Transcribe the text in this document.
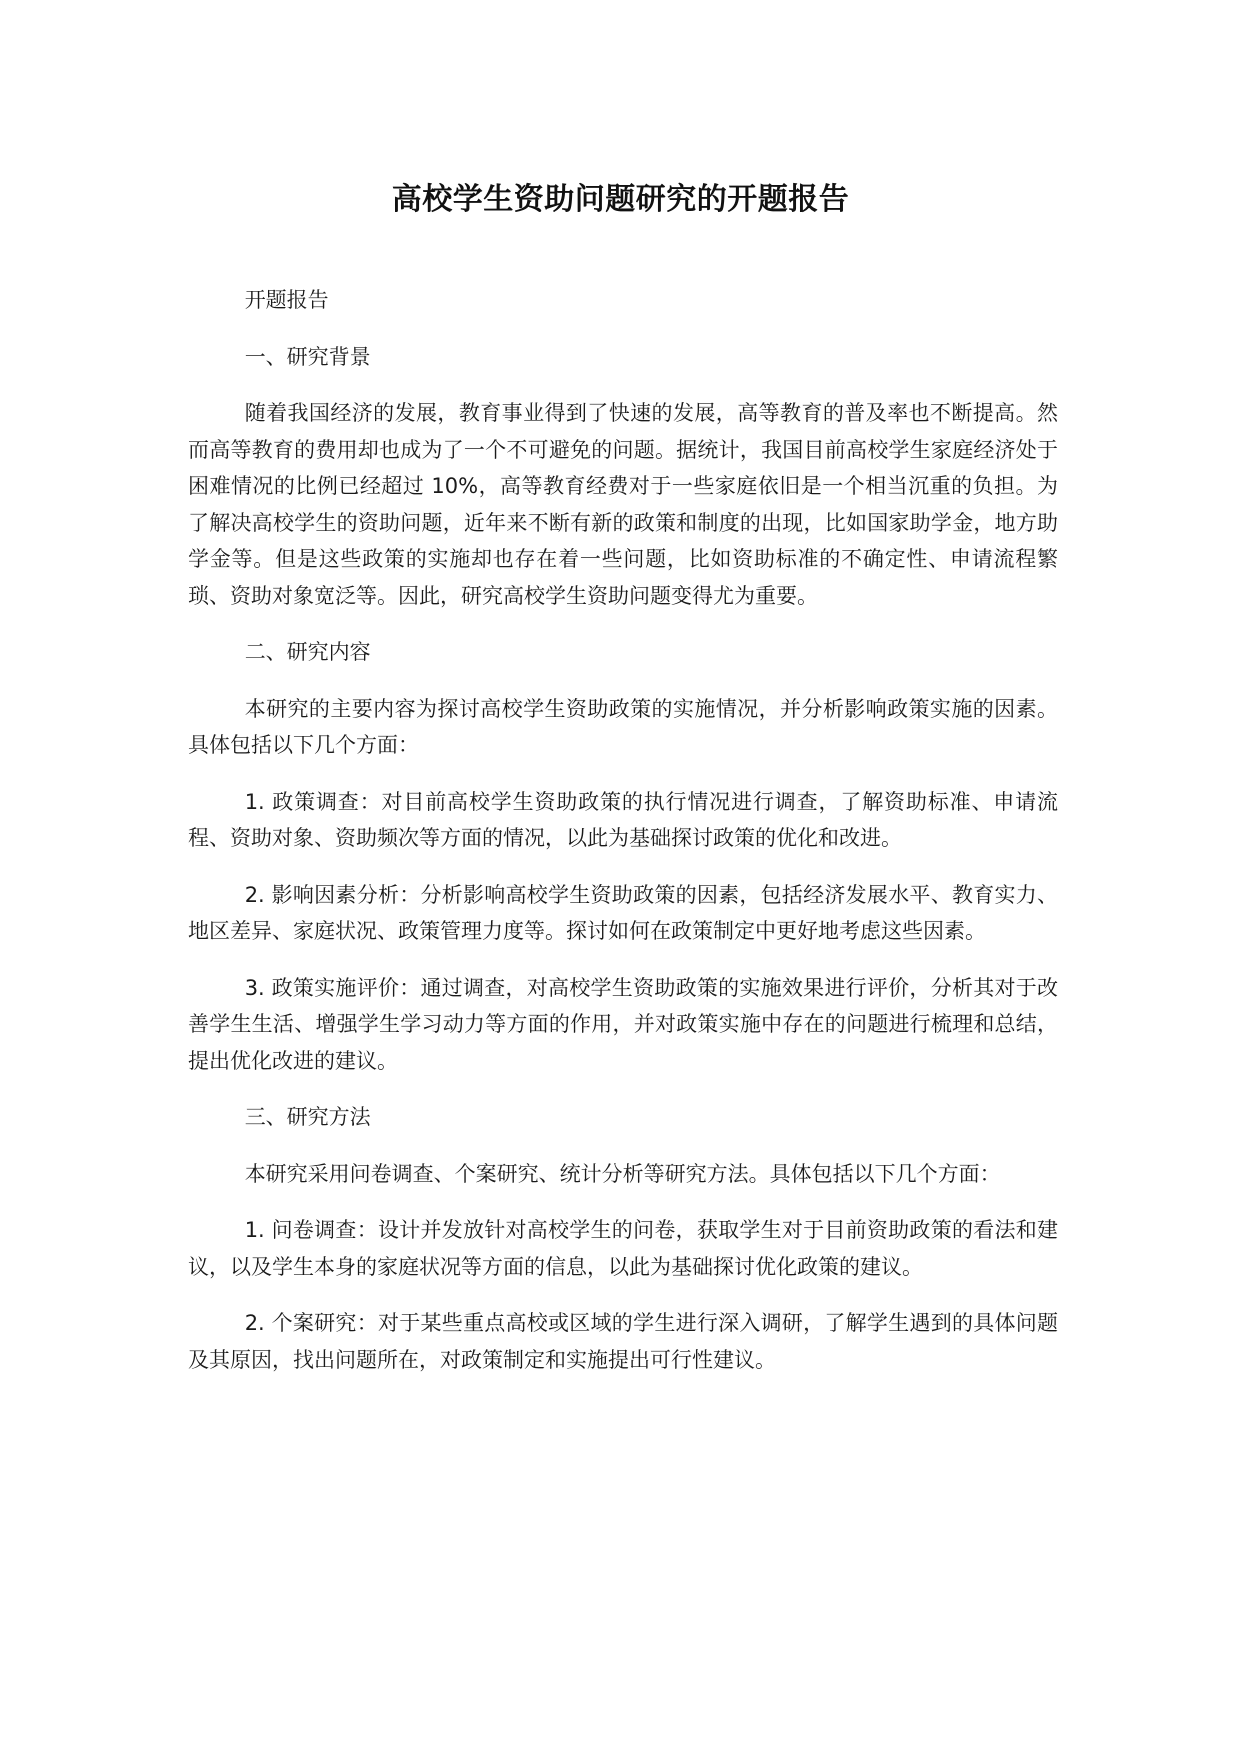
高校学生资助问题研究的开题报告

开题报告

一、研究背景

随着我国经济的发展，教育事业得到了快速的发展，高等教育的普及率也不断提高。然而高等教育的费用却也成为了一个不可避免的问题。据统计，我国目前高校学生家庭经济处于困难情况的比例已经超过 10%，高等教育经费对于一些家庭依旧是一个相当沉重的负担。为了解决高校学生的资助问题，近年来不断有新的政策和制度的出现，比如国家助学金，地方助学金等。但是这些政策的实施却也存在着一些问题，比如资助标准的不确定性、申请流程繁琐、资助对象宽泛等。因此，研究高校学生资助问题变得尤为重要。

二、研究内容

本研究的主要内容为探讨高校学生资助政策的实施情况，并分析影响政策实施的因素。具体包括以下几个方面：

1. 政策调查：对目前高校学生资助政策的执行情况进行调查，了解资助标准、申请流程、资助对象、资助频次等方面的情况，以此为基础探讨政策的优化和改进。

2. 影响因素分析：分析影响高校学生资助政策的因素，包括经济发展水平、教育实力、地区差异、家庭状况、政策管理力度等。探讨如何在政策制定中更好地考虑这些因素。

3. 政策实施评价：通过调查，对高校学生资助政策的实施效果进行评价，分析其对于改善学生生活、增强学生学习动力等方面的作用，并对政策实施中存在的问题进行梳理和总结，提出优化改进的建议。

三、研究方法

本研究采用问卷调查、个案研究、统计分析等研究方法。具体包括以下几个方面：

1. 问卷调查：设计并发放针对高校学生的问卷，获取学生对于目前资助政策的看法和建议，以及学生本身的家庭状况等方面的信息，以此为基础探讨优化政策的建议。

2. 个案研究：对于某些重点高校或区域的学生进行深入调研，了解学生遇到的具体问题及其原因，找出问题所在，对政策制定和实施提出可行性建议。
